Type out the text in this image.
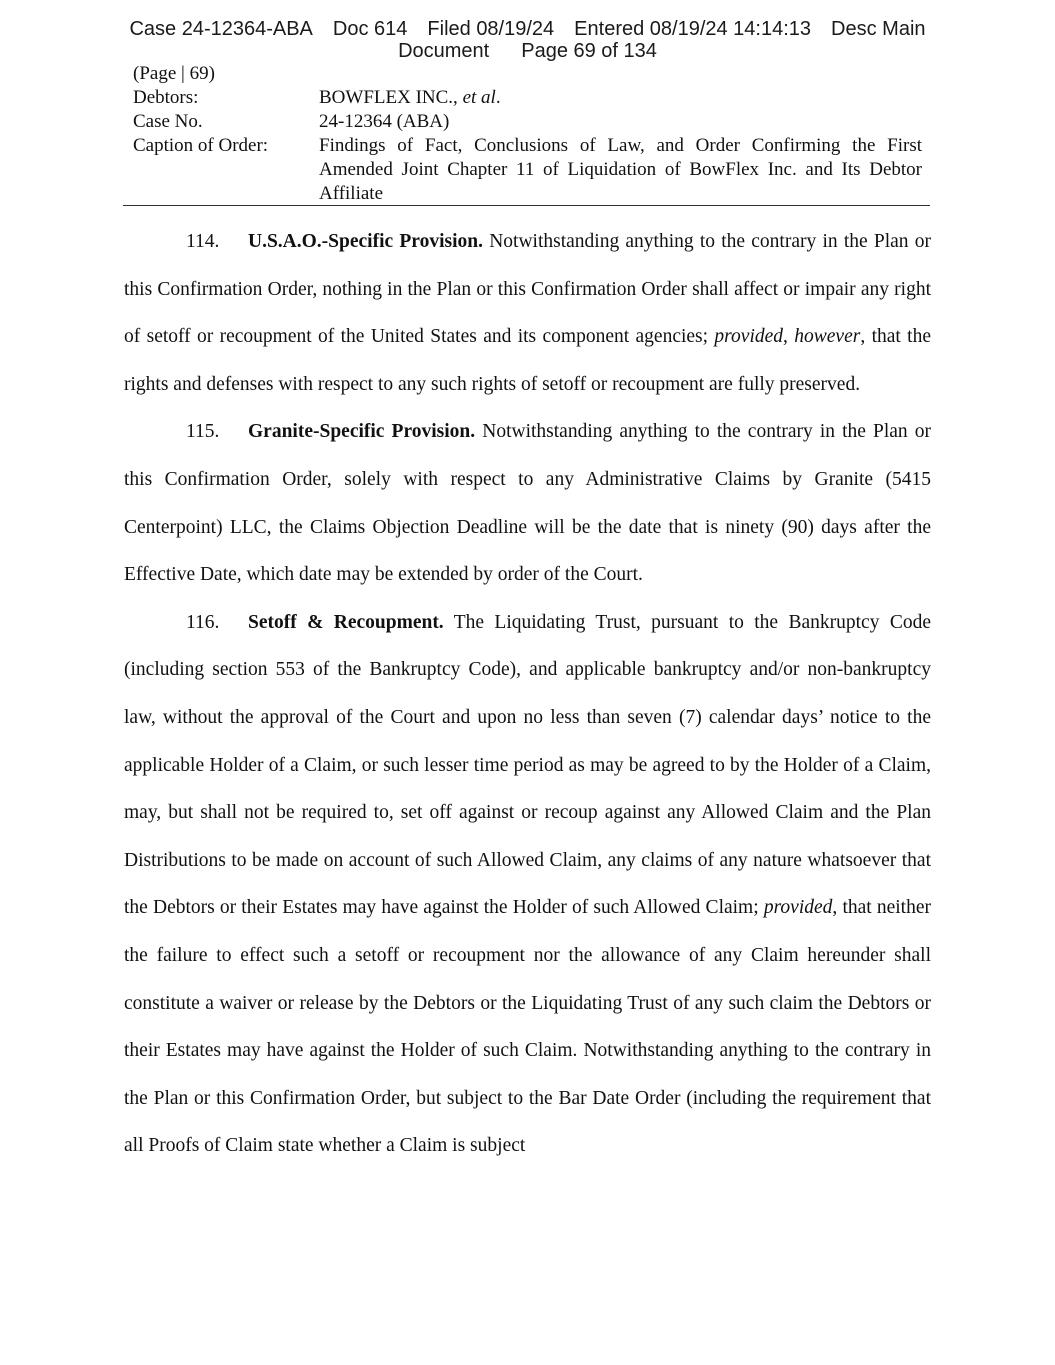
Case 24-12364-ABA Doc 614 Filed 08/19/24 Entered 08/19/24 14:14:13 Desc Main
Document Page 69 of 134
(Page | 69)
Debtors:	BOWFLEX INC., et al.
Case No.	24-12364 (ABA)
Caption of Order:	Findings of Fact, Conclusions of Law, and Order Confirming the First Amended Joint Chapter 11 of Liquidation of BowFlex Inc. and Its Debtor Affiliate

114. U.S.A.O.-Specific Provision. Notwithstanding anything to the contrary in the Plan or this Confirmation Order, nothing in the Plan or this Confirmation Order shall affect or impair any right of setoff or recoupment of the United States and its component agencies; provided, however, that the rights and defenses with respect to any such rights of setoff or recoupment are fully preserved.

115. Granite-Specific Provision. Notwithstanding anything to the contrary in the Plan or this Confirmation Order, solely with respect to any Administrative Claims by Granite (5415 Centerpoint) LLC, the Claims Objection Deadline will be the date that is ninety (90) days after the Effective Date, which date may be extended by order of the Court.

116. Setoff & Recoupment. The Liquidating Trust, pursuant to the Bankruptcy Code (including section 553 of the Bankruptcy Code), and applicable bankruptcy and/or non-bankruptcy law, without the approval of the Court and upon no less than seven (7) calendar days’ notice to the applicable Holder of a Claim, or such lesser time period as may be agreed to by the Holder of a Claim, may, but shall not be required to, set off against or recoup against any Allowed Claim and the Plan Distributions to be made on account of such Allowed Claim, any claims of any nature whatsoever that the Debtors or their Estates may have against the Holder of such Allowed Claim; provided, that neither the failure to effect such a setoff or recoupment nor the allowance of any Claim hereunder shall constitute a waiver or release by the Debtors or the Liquidating Trust of any such claim the Debtors or their Estates may have against the Holder of such Claim. Notwithstanding anything to the contrary in the Plan or this Confirmation Order, but subject to the Bar Date Order (including the requirement that all Proofs of Claim state whether a Claim is subject
